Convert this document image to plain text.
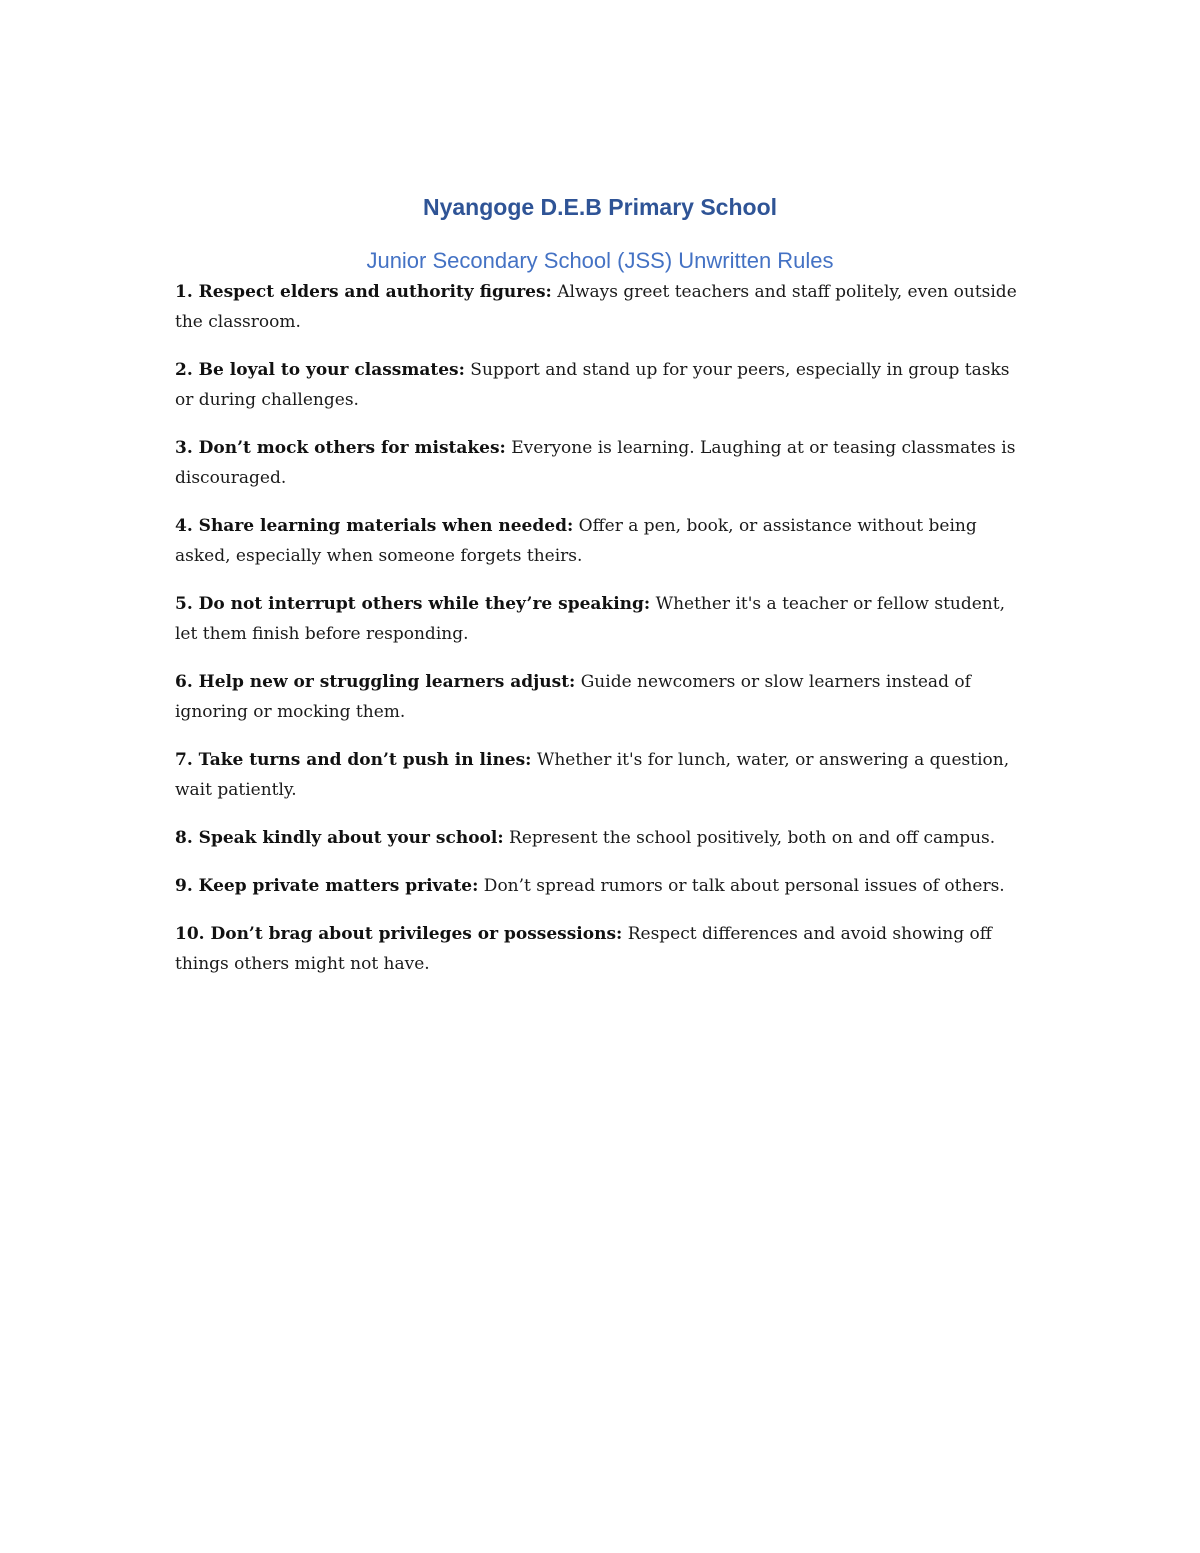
Nyangoge D.E.B Primary School
Junior Secondary School (JSS) Unwritten Rules
1. Respect elders and authority figures: Always greet teachers and staff politely, even outside the classroom.
2. Be loyal to your classmates: Support and stand up for your peers, especially in group tasks or during challenges.
3. Don’t mock others for mistakes: Everyone is learning. Laughing at or teasing classmates is discouraged.
4. Share learning materials when needed: Offer a pen, book, or assistance without being asked, especially when someone forgets theirs.
5. Do not interrupt others while they’re speaking: Whether it's a teacher or fellow student, let them finish before responding.
6. Help new or struggling learners adjust: Guide newcomers or slow learners instead of ignoring or mocking them.
7. Take turns and don’t push in lines: Whether it's for lunch, water, or answering a question, wait patiently.
8. Speak kindly about your school: Represent the school positively, both on and off campus.
9. Keep private matters private: Don’t spread rumors or talk about personal issues of others.
10. Don’t brag about privileges or possessions: Respect differences and avoid showing off things others might not have.
